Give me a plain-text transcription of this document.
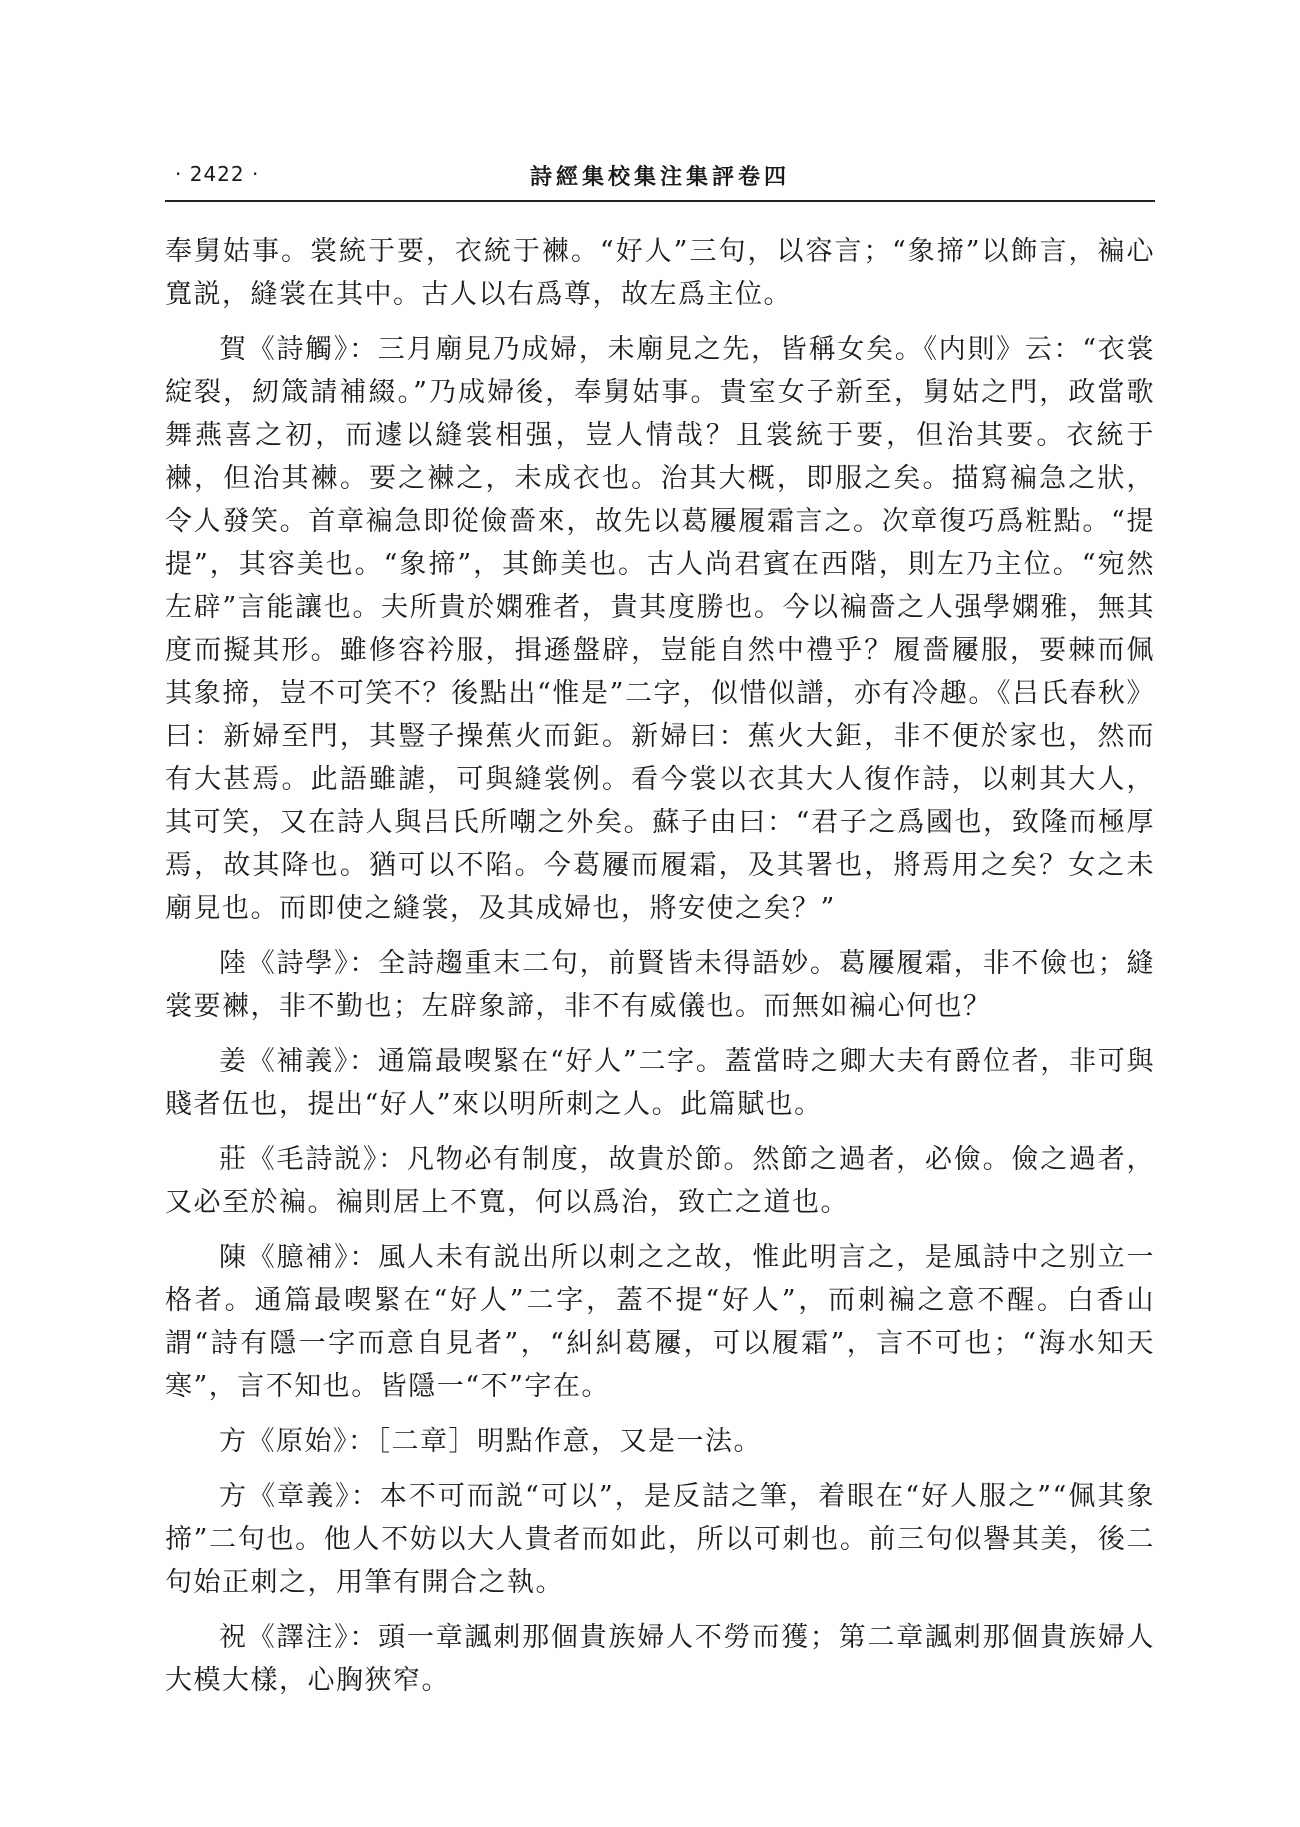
· 2422 ·	詩經集校集注集評卷四

奉舅姑事。裳統于要，衣統于襋。“好人”三句，以容言；“象揥”以飾言，褊心寬説，縫裳在其中。古人以右爲尊，故左爲主位。

賀《詩觸》：三月廟見乃成婦，未廟見之先，皆稱女矣。《内則》云：“衣裳綻裂，紉箴請補綴。”乃成婦後，奉舅姑事。貴室女子新至，舅姑之門，政當歌舞燕喜之初，而遽以縫裳相强，豈人情哉？且裳統于要，但治其要。衣統于襋，但治其襋。要之襋之，未成衣也。治其大概，即服之矣。描寫褊急之狀，令人發笑。首章褊急即從儉嗇來，故先以葛屨履霜言之。次章復巧爲粧點。“提提”，其容美也。“象揥”，其飾美也。古人尚君賓在西階，則左乃主位。“宛然左辟”言能讓也。夫所貴於嫻雅者，貴其度勝也。今以褊嗇之人强學嫻雅，無其度而擬其形。雖修容衿服，揖遜盤辟，豈能自然中禮乎？履嗇屨服，要棘而佩其象揥，豈不可笑不？後點出“惟是”二字，似惜似譜，亦有冷趣。《吕氏春秋》曰：新婦至門，其豎子操蕉火而鉅。新婦曰：蕉火大鉅，非不便於家也，然而有大甚焉。此語雖謔，可與縫裳例。看今裳以衣其大人復作詩，以刺其大人，其可笑，又在詩人與吕氏所嘲之外矣。蘇子由曰：“君子之爲國也，致隆而極厚焉，故其降也。猶可以不陷。今葛屨而履霜，及其署也，將焉用之矣？女之未廟見也。而即使之縫裳，及其成婦也，將安使之矣？”

陸《詩學》：全詩趨重末二句，前賢皆未得語妙。葛屨履霜，非不儉也；縫裳要襋，非不勤也；左辟象諦，非不有威儀也。而無如褊心何也？

姜《補義》：通篇最喫緊在“好人”二字。蓋當時之卿大夫有爵位者，非可與賤者伍也，提出“好人”來以明所刺之人。此篇賦也。

莊《毛詩説》：凡物必有制度，故貴於節。然節之過者，必儉。儉之過者，又必至於褊。褊則居上不寬，何以爲治，致亡之道也。

陳《臆補》：風人未有説出所以刺之之故，惟此明言之，是風詩中之别立一格者。通篇最喫緊在“好人”二字，蓋不提“好人”，而刺褊之意不醒。白香山謂“詩有隱一字而意自見者”，“糾糾葛屨，可以履霜”，言不可也；“海水知天寒”，言不知也。皆隱一“不”字在。

方《原始》：［二章］明點作意，又是一法。

方《章義》：本不可而説“可以”，是反詰之筆，着眼在“好人服之”“佩其象揥”二句也。他人不妨以大人貴者而如此，所以可刺也。前三句似譽其美，後二句始正刺之，用筆有開合之執。

祝《譯注》：頭一章諷刺那個貴族婦人不勞而獲；第二章諷刺那個貴族婦人大模大樣，心胸狹窄。
